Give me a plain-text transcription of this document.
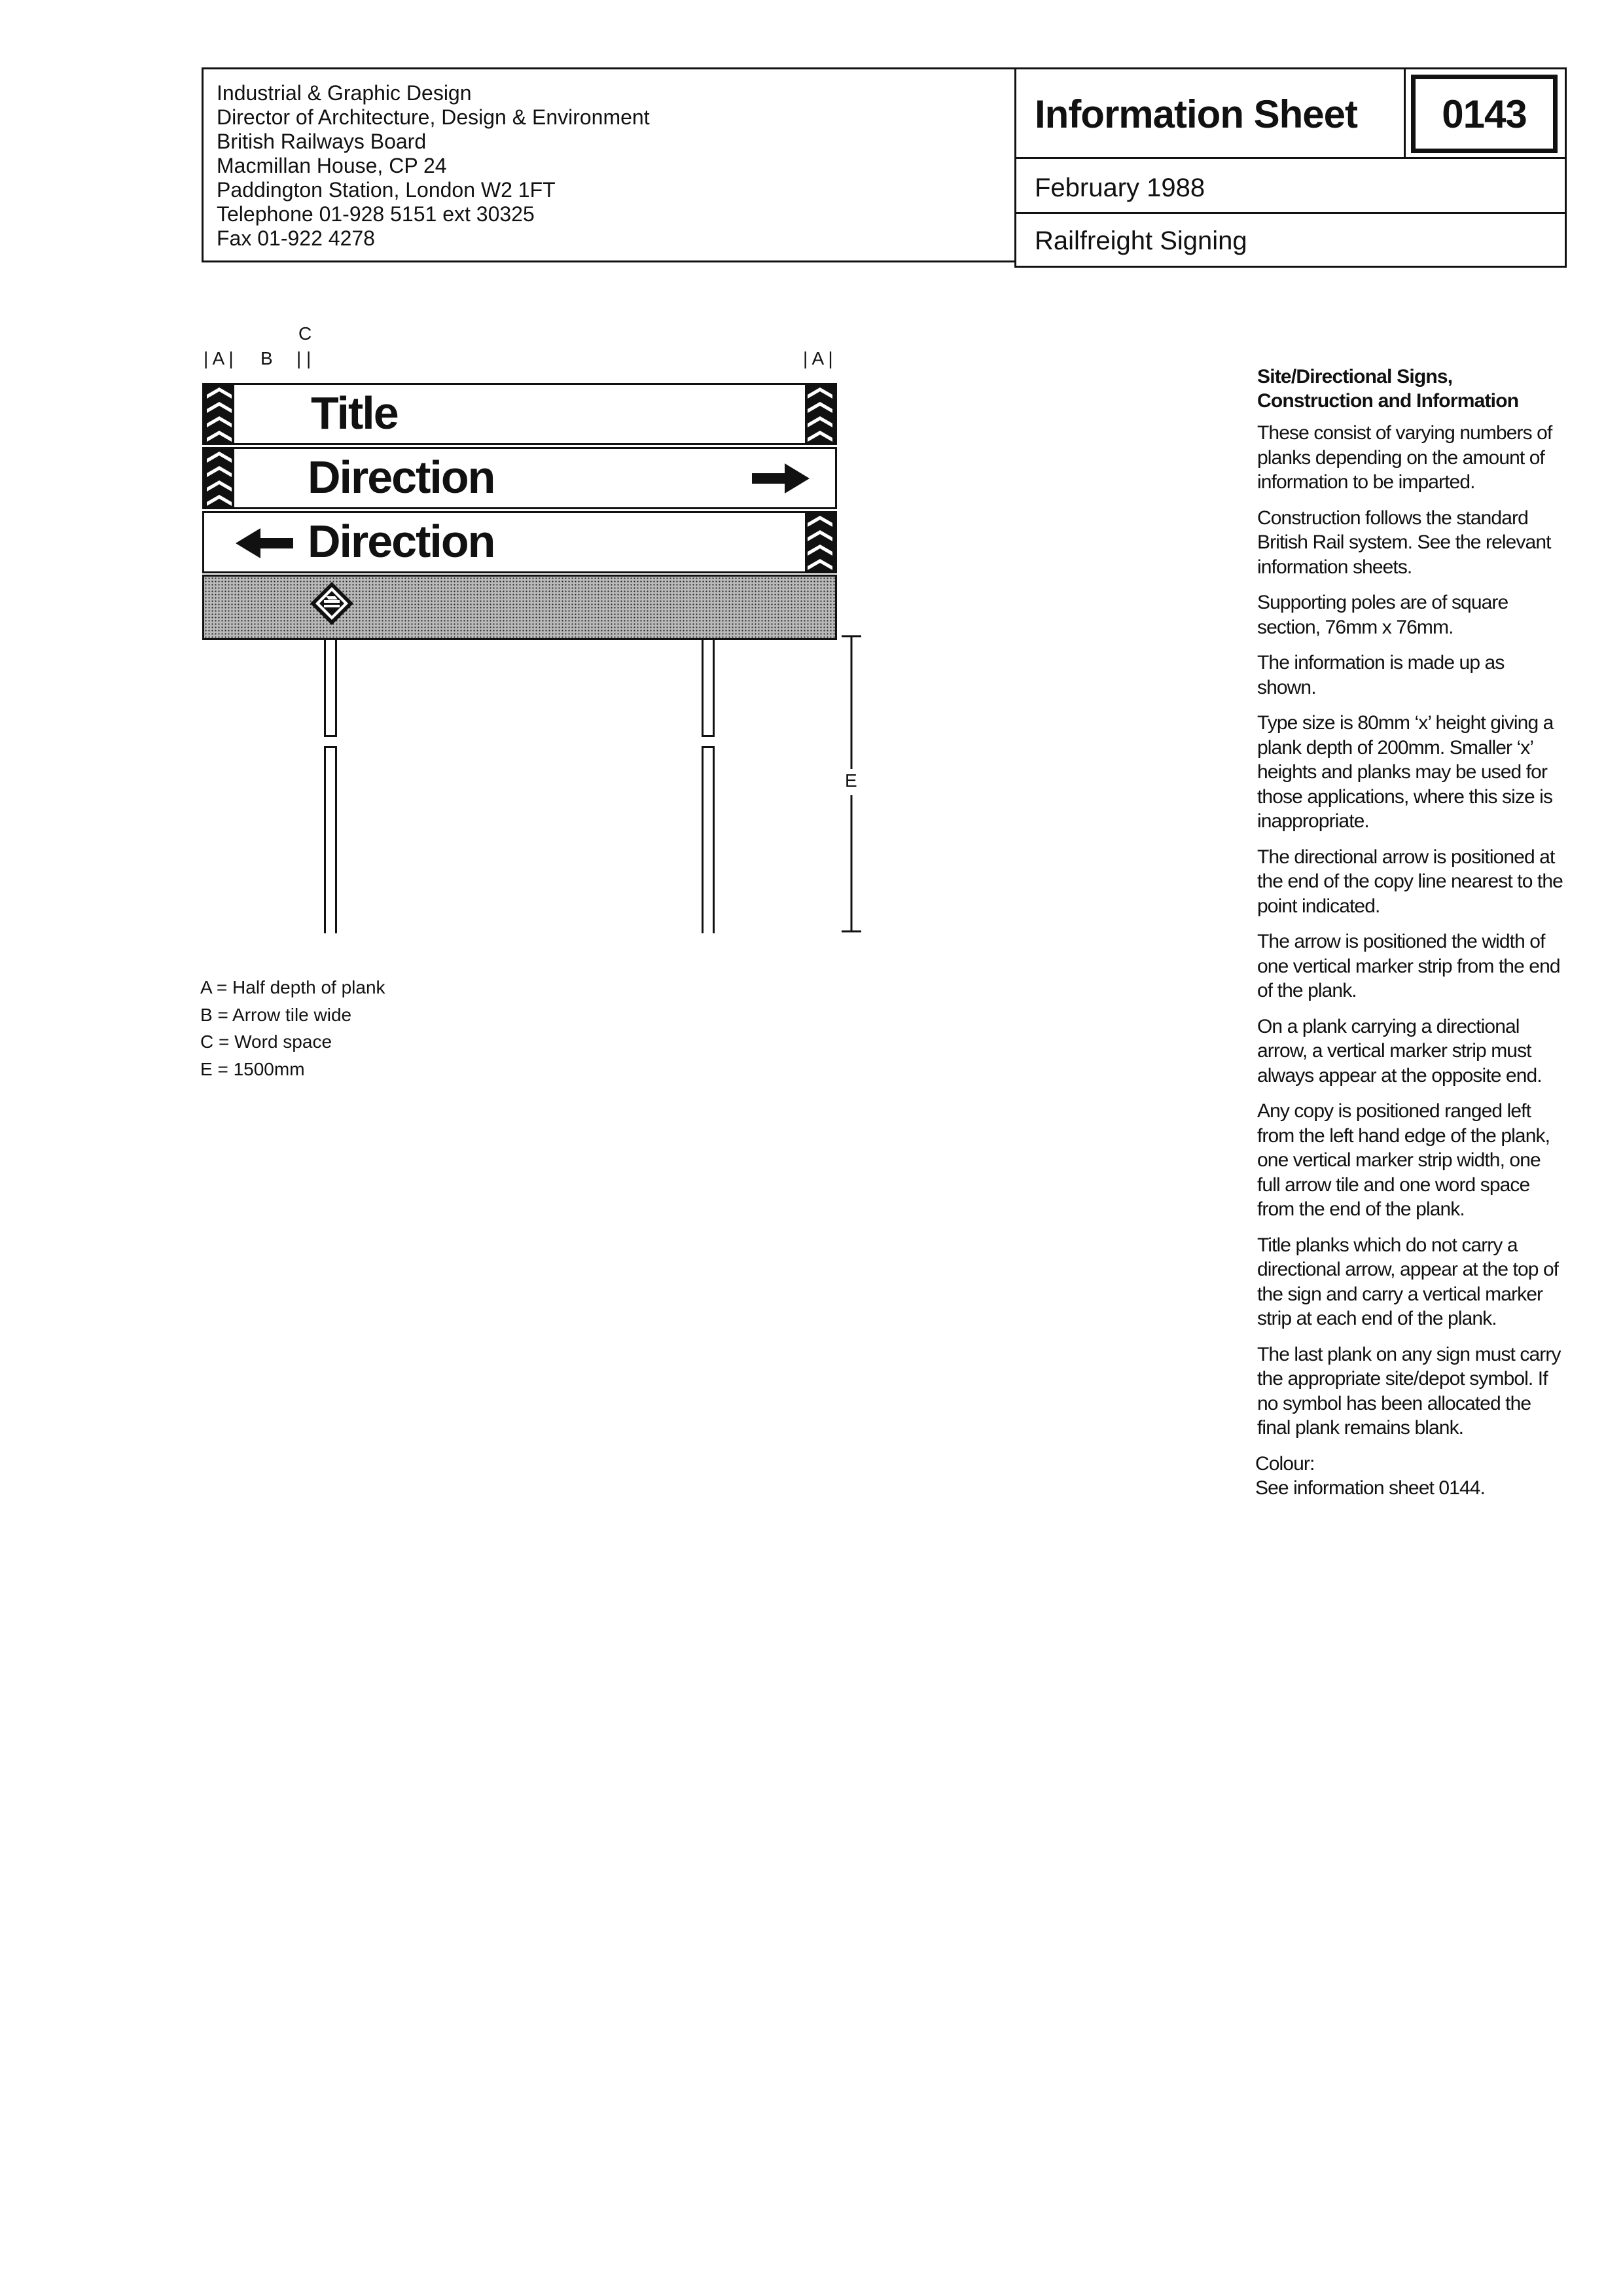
Industrial & Graphic Design
Director of Architecture, Design & Environment
British Railways Board
Macmillan House, CP 24
Paddington Station, London W2 1FT
Telephone 01-928 5151 ext 30325
Fax 01-922 4278
Information Sheet	0143
February 1988
Railfreight Signing
| A | B
C
| |	| A |
Title
Direction
Direction
E
A = Half depth of plank
B = Arrow tile wide
C = Word space
E = 1500mm
Site/Directional Signs,
Construction and Information

These consist of varying numbers of planks depending on the amount of information to be imparted.

Construction follows the standard British Rail system. See the relevant information sheets.

Supporting poles are of square section, 76mm x 76mm.

The information is made up as shown.

Type size is 80mm ‘x’ height giving a plank depth of 200mm. Smaller ‘x’ heights and planks may be used for those applications, where this size is inappropriate.

The directional arrow is positioned at the end of the copy line nearest to the point indicated.

The arrow is positioned the width of one vertical marker strip from the end of the plank.

On a plank carrying a directional arrow, a vertical marker strip must always appear at the opposite end.

Any copy is positioned ranged left from the left hand edge of the plank, one vertical marker strip width, one full arrow tile and one word space from the end of the plank.

Title planks which do not carry a directional arrow, appear at the top of the sign and carry a vertical marker strip at each end of the plank.

The last plank on any sign must carry the appropriate site/depot symbol. If no symbol has been allocated the final plank remains blank.

Colour:
See information sheet 0144.
